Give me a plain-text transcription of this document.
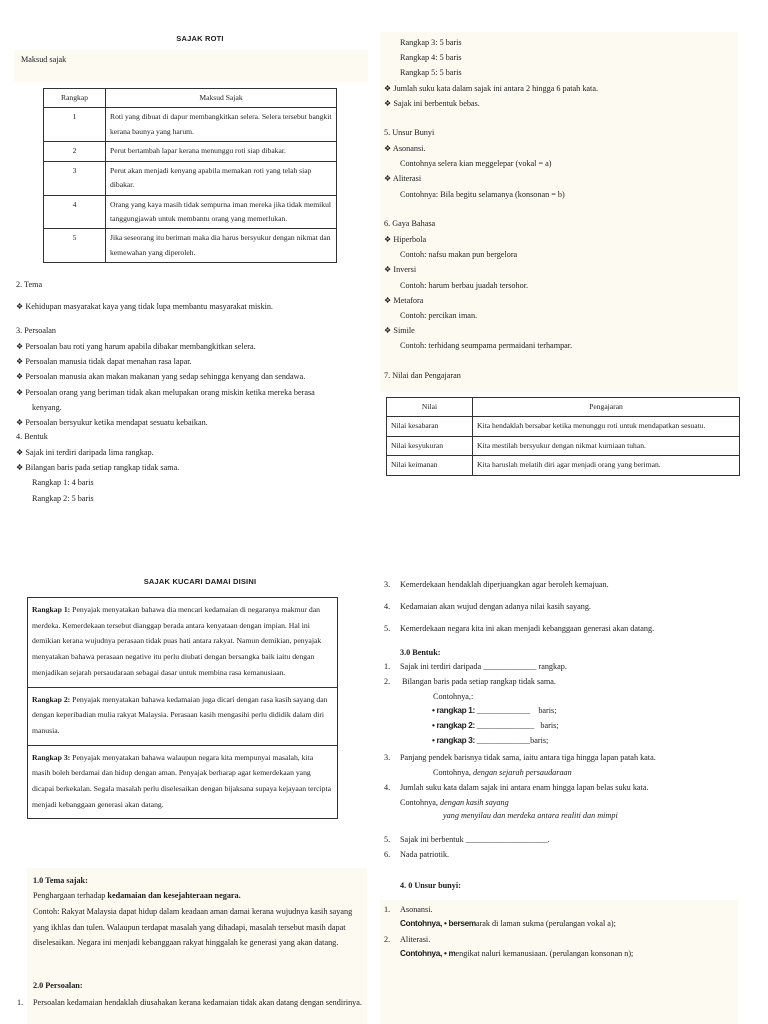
SAJAK ROTI
Maksud sajak
Rangkap	Maksud Sajak
1	Roti yang dibuat di dapur membangkitkan selera. Selera tersebut bangkit kerana baunya yang harum.
2	Perut bertambah lapar kerana menunggu roti siap dibakar.
3	Perut akan menjadi kenyang apabila memakan roti yang telah siap dibakar.
4	Orang yang kaya masih tidak sempurna iman mereka jika tidak memikul tanggungjawab untuk membantu orang yang memerlukan.
5	Jika seseorang itu beriman maka dia harus bersyukur dengan nikmat dan kemewahan yang diperoleh.
2. Tema
❖ Kehidupan masyarakat kaya yang tidak lupa membantu masyarakat miskin.
3. Persoalan
❖ Persoalan bau roti yang harum apabila dibakar membangkitkan selera.
❖ Persoalan manusia tidak dapat menahan rasa lapar.
❖ Persoalan manusia akan makan makanan yang sedap sehingga kenyang dan sendawa.
❖ Persoalan orang yang beriman tidak akan melupakan orang miskin ketika mereka berasa
kenyang.
❖ Persoalan bersyukur ketika mendapat sesuatu kebaikan.
4. Bentuk
❖ Sajak ini terdiri daripada lima rangkap.
❖ Bilangan baris pada setiap rangkap tidak sama.
Rangkap 1: 4 baris
Rangkap 2: 5 baris
Rangkap 3: 5 baris
Rangkap 4: 5 baris
Rangkap 5: 5 baris
❖ Jumlah suku kata dalam sajak ini antara 2 hingga 6 patah kata.
❖ Sajak ini berbentuk bebas.
5. Unsur Bunyi
❖ Asonansi.
Contohnya selera kian meggelepar (vokal = a)
❖ Aliterasi
Contohnya: Bila begitu selamanya (konsonan = b)
6. Gaya Bahasa
❖ Hiperbola
Contoh: nafsu makan pun bergelora
❖ Inversi
Contoh: harum berbau juadah tersohor.
❖ Metafora
Contoh: percikan iman.
❖ Simile
Contoh: terhidang seumpama permaidani terhampar.
7. Nilai dan Pengajaran
Nilai	Pengajaran
Nilai kesabaran	Kita hendaklah bersabar ketika menunggu roti untuk mendapatkan sesuatu.
Nilai kesyukuran	Kita mestilah bersyukur dengan nikmat kurniaan tuhan.
Nilai keimanan	Kita haruslah melatih diri agar menjadi orang yang beriman.
SAJAK KUCARI DAMAI DISINI
Rangkap 1: Penyajak menyatakan bahawa dia mencari kedamaian di negaranya makmur dan merdeka. Kemerdekaan tersebut dianggap berada antara kenyataan dengan impian. Hal ini demikian kerana wujudnya perasaan tidak puas hati antara rakyat. Namun demikian, penyajak menyatakan bahawa perasaan negative itu perlu diubati dengan bersangka baik iaitu dengan menjadikan sejarah persaudaraan sebagai dasar untuk membina rasa kemanusiaan.
Rangkap 2: Penyajak menyatakan bahawa kedamaian juga dicari dengan rasa kasih sayang dan dengan keperibadian mulia rakyat Malaysia. Perasaan kasih mengasihi perlu dididik dalam diri manusia.
Rangkap 3: Penyajak menyatakan bahawa walaupun negara kita mempunyai masalah, kita masih boleh berdamai dan hidup dengan aman. Penyajak berharap agar kemerdekaan yang dicapai berkekalan. Segala masalah perlu diselesaikan dengan bijaksana supaya kejayaan tercipta menjadi kebanggaan generasi akan datang.
1.0 Tema sajak:
Penghargaan terhadap kedamaian dan kesejahteraan negara.
Contoh: Rakyat Malaysia dapat hidup dalam keadaan aman damai kerana wujudnya kasih sayang yang ikhlas dan tulen. Walaupun terdapat masalah yang dihadapi, masalah tersebut masih dapat diselesaikan. Negara ini menjadi kebanggaan rakyat hinggalah ke generasi yang akan datang.
2.0 Persoalan:
1.	Persoalan kedamaian hendaklah diusahakan kerana kedamaian tidak akan datang dengan sendirinya.
3.	Kemerdekaan hendaklah diperjuangkan agar beroleh kemajuan.
4.	Kedamaian akan wujud dengan adanya nilai kasih sayang.
5.	Kemerdekaan negara kita ini akan menjadi kebanggaan generasi akan datang.
3.0 Bentuk:
1. Sajak ini terdiri daripada _____________ rangkap.
2. Bilangan baris pada setiap rangkap tidak sama.
Contohnya,:
• rangkap 1: _____________ baris;
• rangkap 2: ______________ baris;
• rangkap 3: _____________baris;
3. Panjang pendek barisnya tidak sama, iaitu antara tiga hingga lapan patah kata.
Contohnya, dengan sejarah persaudaraan
4. Jumlah suku kata dalam sajak ini antara enam hingga lapan belas suku kata.
Contohnya, dengan kasih sayang
yang menyilau dan merdeka antara realiti dan mimpi
5. Sajak ini berbentuk ____________________.
6. Nada patriotik.
4. 0 Unsur bunyi:
1. Asonansi.
Contohnya, • bersemarak di laman sukma (perulangan vokal a);
2. Aliterasi.
Contohnya, • mengikat naluri kemanusiaan. (perulangan konsonan n);
